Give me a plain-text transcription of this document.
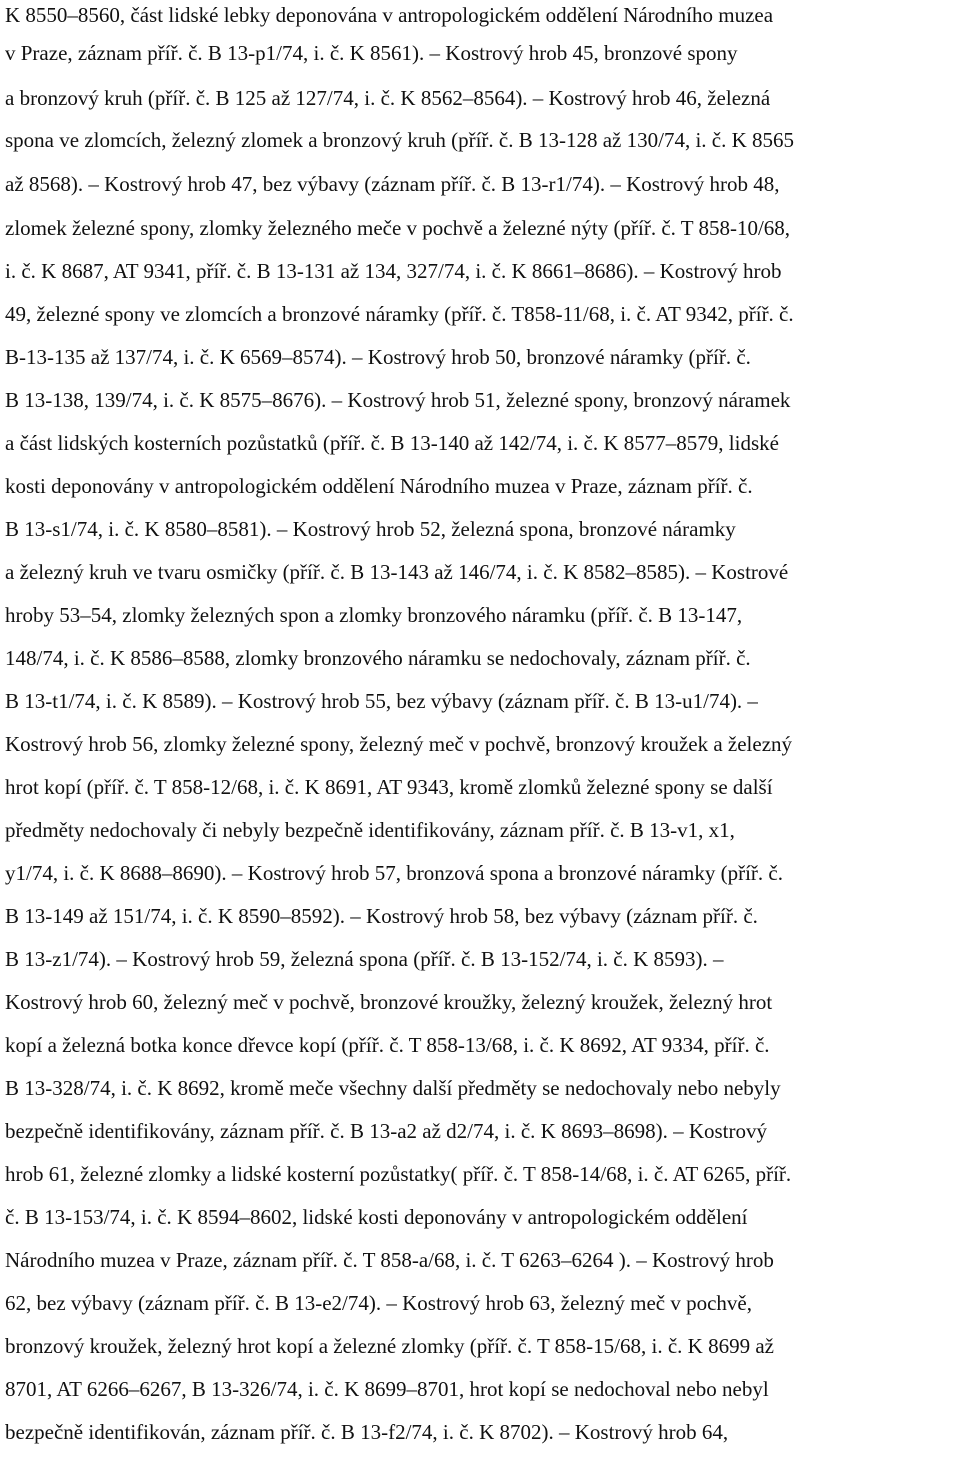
K 8550–8560, část lidské lebky deponována v antropologickém oddělení Národního muzea
v Praze, záznam příř. č. B 13-p1/74, i. č. K 8561). – Kostrový hrob 45, bronzové spony
a bronzový kruh (příř. č. B 125 až 127/74, i. č. K 8562–8564). – Kostrový hrob 46, železná
spona ve zlomcích, železný zlomek a bronzový kruh (příř. č. B 13-128 až 130/74, i. č. K 8565
až 8568). – Kostrový hrob 47, bez výbavy (záznam příř. č. B 13-r1/74). – Kostrový hrob 48,
zlomek železné spony, zlomky železného meče v pochvě a železné nýty (příř. č. T 858-10/68,
i. č. K 8687, AT 9341, příř. č. B 13-131 až 134, 327/74, i. č. K 8661–8686). – Kostrový hrob
49, železné spony ve zlomcích a bronzové náramky (příř. č. T858-11/68, i. č. AT 9342, příř. č.
B-13-135 až 137/74, i. č. K 6569–8574). – Kostrový hrob 50, bronzové náramky (příř. č.
B 13-138, 139/74, i. č. K 8575–8676). – Kostrový hrob 51, železné spony, bronzový náramek
a část lidských kosterních pozůstatků (příř. č. B 13-140 až 142/74, i. č. K 8577–8579, lidské
kosti deponovány v antropologickém oddělení Národního muzea v Praze, záznam příř. č.
B 13-s1/74, i. č. K 8580–8581). – Kostrový hrob 52, železná spona, bronzové náramky
a železný kruh ve tvaru osmičky (příř. č. B 13-143 až 146/74, i. č. K 8582–8585). – Kostrové
hroby 53–54, zlomky železných spon a zlomky bronzového náramku (příř. č. B 13-147,
148/74, i. č. K 8586–8588, zlomky bronzového náramku se nedochovaly, záznam příř. č.
B 13-t1/74, i. č. K 8589). – Kostrový hrob 55, bez výbavy (záznam příř. č. B 13-u1/74). –
Kostrový hrob 56, zlomky železné spony, železný meč v pochvě, bronzový kroužek a železný
hrot kopí (příř. č. T 858-12/68, i. č. K 8691, AT 9343, kromě zlomků železné spony se další
předměty nedochovaly či nebyly bezpečně identifikovány, záznam příř. č. B 13-v1, x1,
y1/74, i. č. K 8688–8690). – Kostrový hrob 57, bronzová spona a bronzové náramky (příř. č.
B 13-149 až 151/74, i. č. K 8590–8592). – Kostrový hrob 58, bez výbavy (záznam příř. č.
B 13-z1/74). – Kostrový hrob 59, železná spona (příř. č. B 13-152/74, i. č. K 8593). –
Kostrový hrob 60, železný meč v pochvě, bronzové kroužky, železný kroužek, železný hrot
kopí a železná botka konce dřevce kopí (příř. č. T 858-13/68, i. č. K 8692, AT 9334, příř. č.
B 13-328/74, i. č. K 8692, kromě meče všechny další předměty se nedochovaly nebo nebyly
bezpečně identifikovány, záznam příř. č. B 13-a2 až d2/74, i. č. K 8693–8698). – Kostrový
hrob 61, železné zlomky a lidské kosterní pozůstatky( příř. č. T 858-14/68, i. č. AT 6265, příř.
č. B 13-153/74, i. č. K 8594–8602, lidské kosti deponovány v antropologickém oddělení
Národního muzea v Praze, záznam příř. č. T 858-a/68, i. č. T 6263–6264 ). – Kostrový hrob
62, bez výbavy (záznam příř. č. B 13-e2/74). – Kostrový hrob 63, železný meč v pochvě,
bronzový kroužek, železný hrot kopí a železné zlomky (příř. č. T 858-15/68, i. č. K 8699 až
8701, AT 6266–6267, B 13-326/74, i. č. K 8699–8701, hrot kopí se nedochoval nebo nebyl
bezpečně identifikován, záznam příř. č. B 13-f2/74, i. č. K 8702). – Kostrový hrob 64,
